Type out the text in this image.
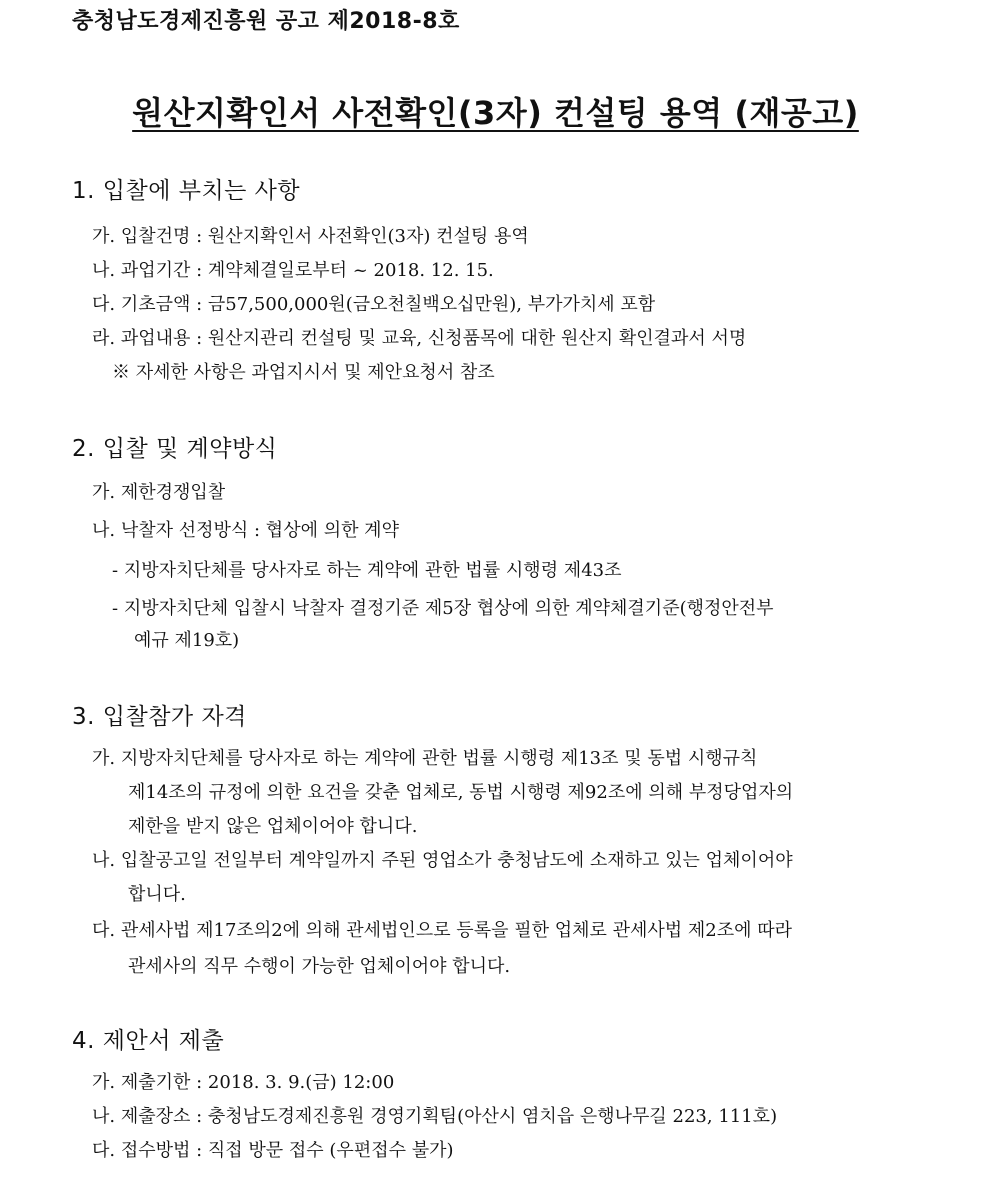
충청남도경제진흥원 공고 제2018-8호
원산지확인서 사전확인(3자) 컨설팅 용역 (재공고)
1. 입찰에 부치는 사항
가. 입찰건명 : 원산지확인서 사전확인(3자) 컨설팅 용역
나. 과업기간 : 계약체결일로부터 ~ 2018. 12. 15.
다. 기초금액 : 금57,500,000원(금오천칠백오십만원), 부가가치세 포함
라. 과업내용 : 원산지관리 컨설팅 및 교육, 신청품목에 대한 원산지 확인결과서 서명
※ 자세한 사항은 과업지시서 및 제안요청서 참조
2. 입찰 및 계약방식
가. 제한경쟁입찰
나. 낙찰자 선정방식 : 협상에 의한 계약
- 지방자치단체를 당사자로 하는 계약에 관한 법률 시행령 제43조
- 지방자치단체 입찰시 낙찰자 결정기준 제5장 협상에 의한 계약체결기준(행정안전부
예규 제19호)
3. 입찰참가 자격
가. 지방자치단체를 당사자로 하는 계약에 관한 법률 시행령 제13조 및 동법 시행규칙
제14조의 규정에 의한 요건을 갖춘 업체로, 동법 시행령 제92조에 의해 부정당업자의
제한을 받지 않은 업체이어야 합니다.
나. 입찰공고일 전일부터 계약일까지 주된 영업소가 충청남도에 소재하고 있는 업체이어야
합니다.
다. 관세사법 제17조의2에 의해 관세법인으로 등록을 필한 업체로 관세사법 제2조에 따라
관세사의 직무 수행이 가능한 업체이어야 합니다.
4. 제안서 제출
가. 제출기한 : 2018. 3. 9.(금) 12:00
나. 제출장소 : 충청남도경제진흥원 경영기획팀(아산시 염치읍 은행나무길 223, 111호)
다. 접수방법 : 직접 방문 접수 (우편접수 불가)
